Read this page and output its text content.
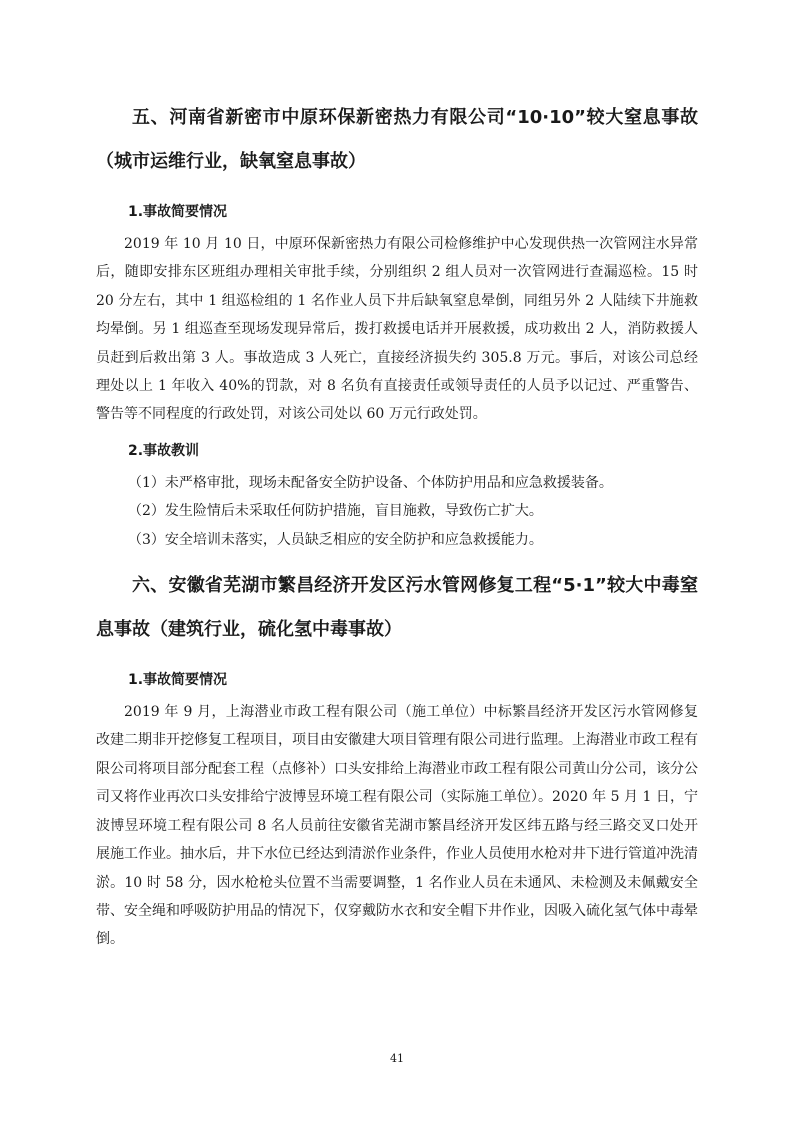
五、河南省新密市中原环保新密热力有限公司“10·10”较大窒息事故（城市运维行业，缺氧窒息事故）
1.事故简要情况

2019 年 10 月 10 日，中原环保新密热力有限公司检修维护中心发现供热一次管网注水异常后，随即安排东区班组办理相关审批手续，分别组织 2 组人员对一次管网进行查漏巡检。15 时 20 分左右，其中 1 组巡检组的 1 名作业人员下井后缺氧窒息晕倒，同组另外 2 人陆续下井施救均晕倒。另 1 组巡查至现场发现异常后，拨打救援电话并开展救援，成功救出 2 人，消防救援人员赶到后救出第 3 人。事故造成 3 人死亡，直接经济损失约 305.8 万元。事后，对该公司总经理处以上 1 年收入 40%的罚款，对 8 名负有直接责任或领导责任的人员予以记过、严重警告、警告等不同程度的行政处罚，对该公司处以 60 万元行政处罚。

2.事故教训

（1）未严格审批，现场未配备安全防护设备、个体防护用品和应急救援装备。

（2）发生险情后未采取任何防护措施，盲目施救，导致伤亡扩大。

（3）安全培训未落实，人员缺乏相应的安全防护和应急救援能力。

六、安徽省芜湖市繁昌经济开发区污水管网修复工程“5·1”较大中毒窒息事故（建筑行业，硫化氢中毒事故）
1.事故简要情况

2019 年 9 月，上海潜业市政工程有限公司（施工单位）中标繁昌经济开发区污水管网修复改建二期非开挖修复工程项目，项目由安徽建大项目管理有限公司进行监理。上海潜业市政工程有限公司将项目部分配套工程（点修补）口头安排给上海潜业市政工程有限公司黄山分公司，该分公司又将作业再次口头安排给宁波博昱环境工程有限公司（实际施工单位）。2020 年 5 月 1 日，宁波博昱环境工程有限公司 8 名人员前往安徽省芜湖市繁昌经济开发区纬五路与经三路交叉口处开展施工作业。抽水后，井下水位已经达到清淤作业条件，作业人员使用水枪对井下进行管道冲洗清淤。10 时 58 分，因水枪枪头位置不当需要调整，1 名作业人员在未通风、未检测及未佩戴安全带、安全绳和呼吸防护用品的情况下，仅穿戴防水衣和安全帽下井作业，因吸入硫化氢气体中毒晕倒。

41
